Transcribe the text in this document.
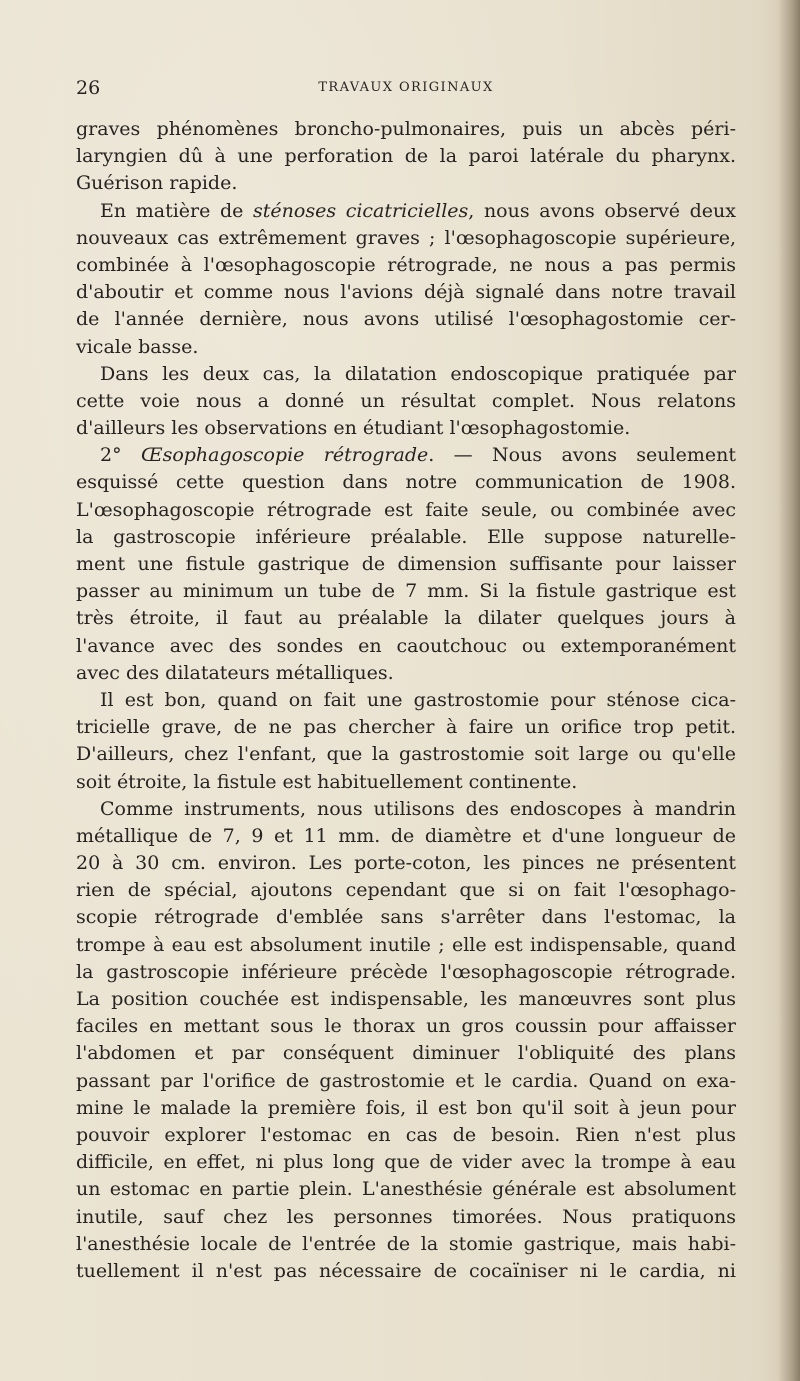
26	TRAVAUX ORIGINAUX
graves phénomènes broncho-pulmonaires, puis un abcès péri-
laryngien dû à une perforation de la paroi latérale du pharynx.
Guérison rapide.
En matière de sténoses cicatricielles, nous avons observé deux
nouveaux cas extrêmement graves ; l'œsophagoscopie supérieure,
combinée à l'œsophagoscopie rétrograde, ne nous a pas permis
d'aboutir et comme nous l'avions déjà signalé dans notre travail
de l'année dernière, nous avons utilisé l'œsophagostomie cer-
vicale basse.
Dans les deux cas, la dilatation endoscopique pratiquée par
cette voie nous a donné un résultat complet. Nous relatons
d'ailleurs les observations en étudiant l'œsophagostomie.
2° Œsophagoscopie rétrograde. — Nous avons seulement
esquissé cette question dans notre communication de 1908.
L'œsophagoscopie rétrograde est faite seule, ou combinée avec
la gastroscopie inférieure préalable. Elle suppose naturelle-
ment une fistule gastrique de dimension suffisante pour laisser
passer au minimum un tube de 7 mm. Si la fistule gastrique est
très étroite, il faut au préalable la dilater quelques jours à
l'avance avec des sondes en caoutchouc ou extemporanément
avec des dilatateurs métalliques.
Il est bon, quand on fait une gastrostomie pour sténose cica-
tricielle grave, de ne pas chercher à faire un orifice trop petit.
D'ailleurs, chez l'enfant, que la gastrostomie soit large ou qu'elle
soit étroite, la fistule est habituellement continente.
Comme instruments, nous utilisons des endoscopes à mandrin
métallique de 7, 9 et 11 mm. de diamètre et d'une longueur de
20 à 30 cm. environ. Les porte-coton, les pinces ne présentent
rien de spécial, ajoutons cependant que si on fait l'œsophago-
scopie rétrograde d'emblée sans s'arrêter dans l'estomac, la
trompe à eau est absolument inutile ; elle est indispensable, quand
la gastroscopie inférieure précède l'œsophagoscopie rétrograde.
La position couchée est indispensable, les manœuvres sont plus
faciles en mettant sous le thorax un gros coussin pour affaisser
l'abdomen et par conséquent diminuer l'obliquité des plans
passant par l'orifice de gastrostomie et le cardia. Quand on exa-
mine le malade la première fois, il est bon qu'il soit à jeun pour
pouvoir explorer l'estomac en cas de besoin. Rien n'est plus
difficile, en effet, ni plus long que de vider avec la trompe à eau
un estomac en partie plein. L'anesthésie générale est absolument
inutile, sauf chez les personnes timorées. Nous pratiquons
l'anesthésie locale de l'entrée de la stomie gastrique, mais habi-
tuellement il n'est pas nécessaire de cocaïniser ni le cardia, ni
